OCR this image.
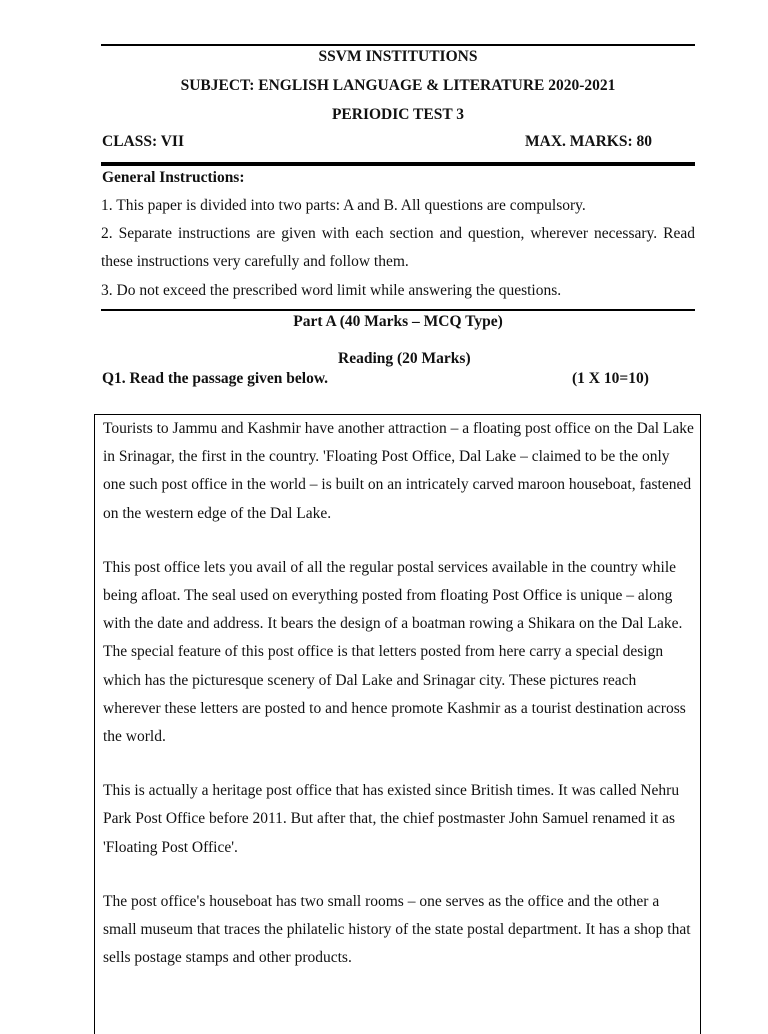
SSVM INSTITUTIONS
SUBJECT: ENGLISH LANGUAGE & LITERATURE 2020-2021
PERIODIC TEST 3
CLASS: VII	MAX. MARKS: 80
General Instructions:
1. This paper is divided into two parts: A and B. All questions are compulsory.
2. Separate instructions are given with each section and question, wherever necessary. Read
these instructions very carefully and follow them.
3. Do not exceed the prescribed word limit while answering the questions.
Part A (40 Marks – MCQ Type)
Reading (20 Marks)
Q1. Read the passage given below.	(1 X 10=10)

Tourists to Jammu and Kashmir have another attraction – a floating post office on the Dal Lake in Srinagar, the first in the country. 'Floating Post Office, Dal Lake – claimed to be the only one such post office in the world – is built on an intricately carved maroon houseboat, fastened on the western edge of the Dal Lake.

This post office lets you avail of all the regular postal services available in the country while being afloat. The seal used on everything posted from floating Post Office is unique – along with the date and address. It bears the design of a boatman rowing a Shikara on the Dal Lake. The special feature of this post office is that letters posted from here carry a special design which has the picturesque scenery of Dal Lake and Srinagar city. These pictures reach wherever these letters are posted to and hence promote Kashmir as a tourist destination across the world.

This is actually a heritage post office that has existed since British times. It was called Nehru Park Post Office before 2011. But after that, the chief postmaster John Samuel renamed it as 'Floating Post Office'.

The post office's houseboat has two small rooms – one serves as the office and the other a small museum that traces the philatelic history of the state postal department. It has a shop that sells postage stamps and other products.
